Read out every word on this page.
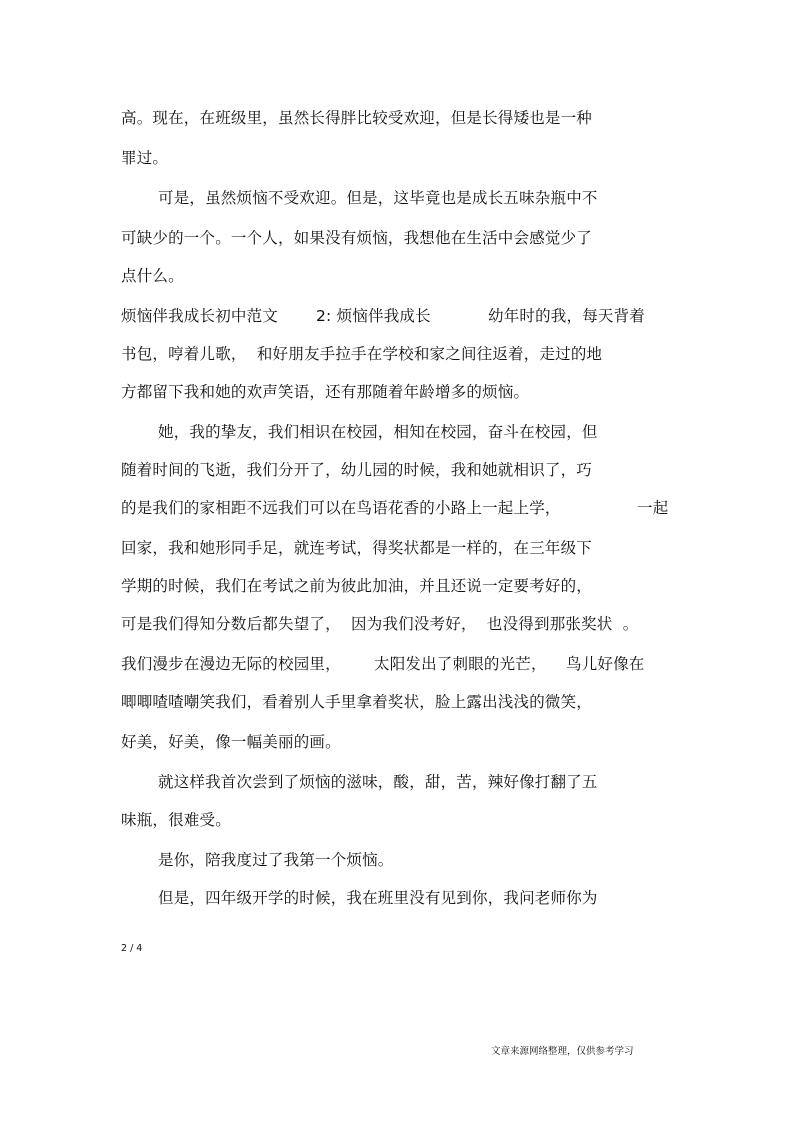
高。现在，在班级里，虽然长得胖比较受欢迎，但是长得矮也是一种
罪过。
可是，虽然烦恼不受欢迎。但是，这毕竟也是成长五味杂瓶中不
可缺少的一个。一个人，如果没有烦恼，我想他在生活中会感觉少了
点什么。

烦恼伴我成长初中范文

2: 烦恼伴我成长

	幼年时的我，每天背着

书包，哼着儿歌，  和好朋友手拉手在学校和家之间往返着，走过的地
方都留下我和她的欢声笑语，还有那随着年龄增多的烦恼。
她，我的挚友，我们相识在校园，相知在校园，奋斗在校园，但
随着时间的飞逝，我们分开了，幼儿园的时候，我和她就相识了，巧

的是我们的家相距不远我们可以在鸟语花香的小路上一起上学，

	一起

回家，我和她形同手足，就连考试，得奖状都是一样的，在三年级下
学期的时候，我们在考试之前为彼此加油，并且还说一定要考好的，
可是我们得知分数后都失望了，  因为我们没考好，  也没得到那张奖状  。

我们漫步在漫边无际的校园里，

太阳发出了刺眼的光芒，

鸟儿好像在

唧唧喳喳嘲笑我们，看着别人手里拿着奖状，脸上露出浅浅的微笑，
好美，好美，像一幅美丽的画。
就这样我首次尝到了烦恼的滋味，酸，甜，苦，辣好像打翻了五
味瓶，很难受。
是你，陪我度过了我第一个烦恼。
但是，四年级开学的时候，我在班里没有见到你，我问老师你为
2 / 4
文章来源网络整理，仅供参考学习
